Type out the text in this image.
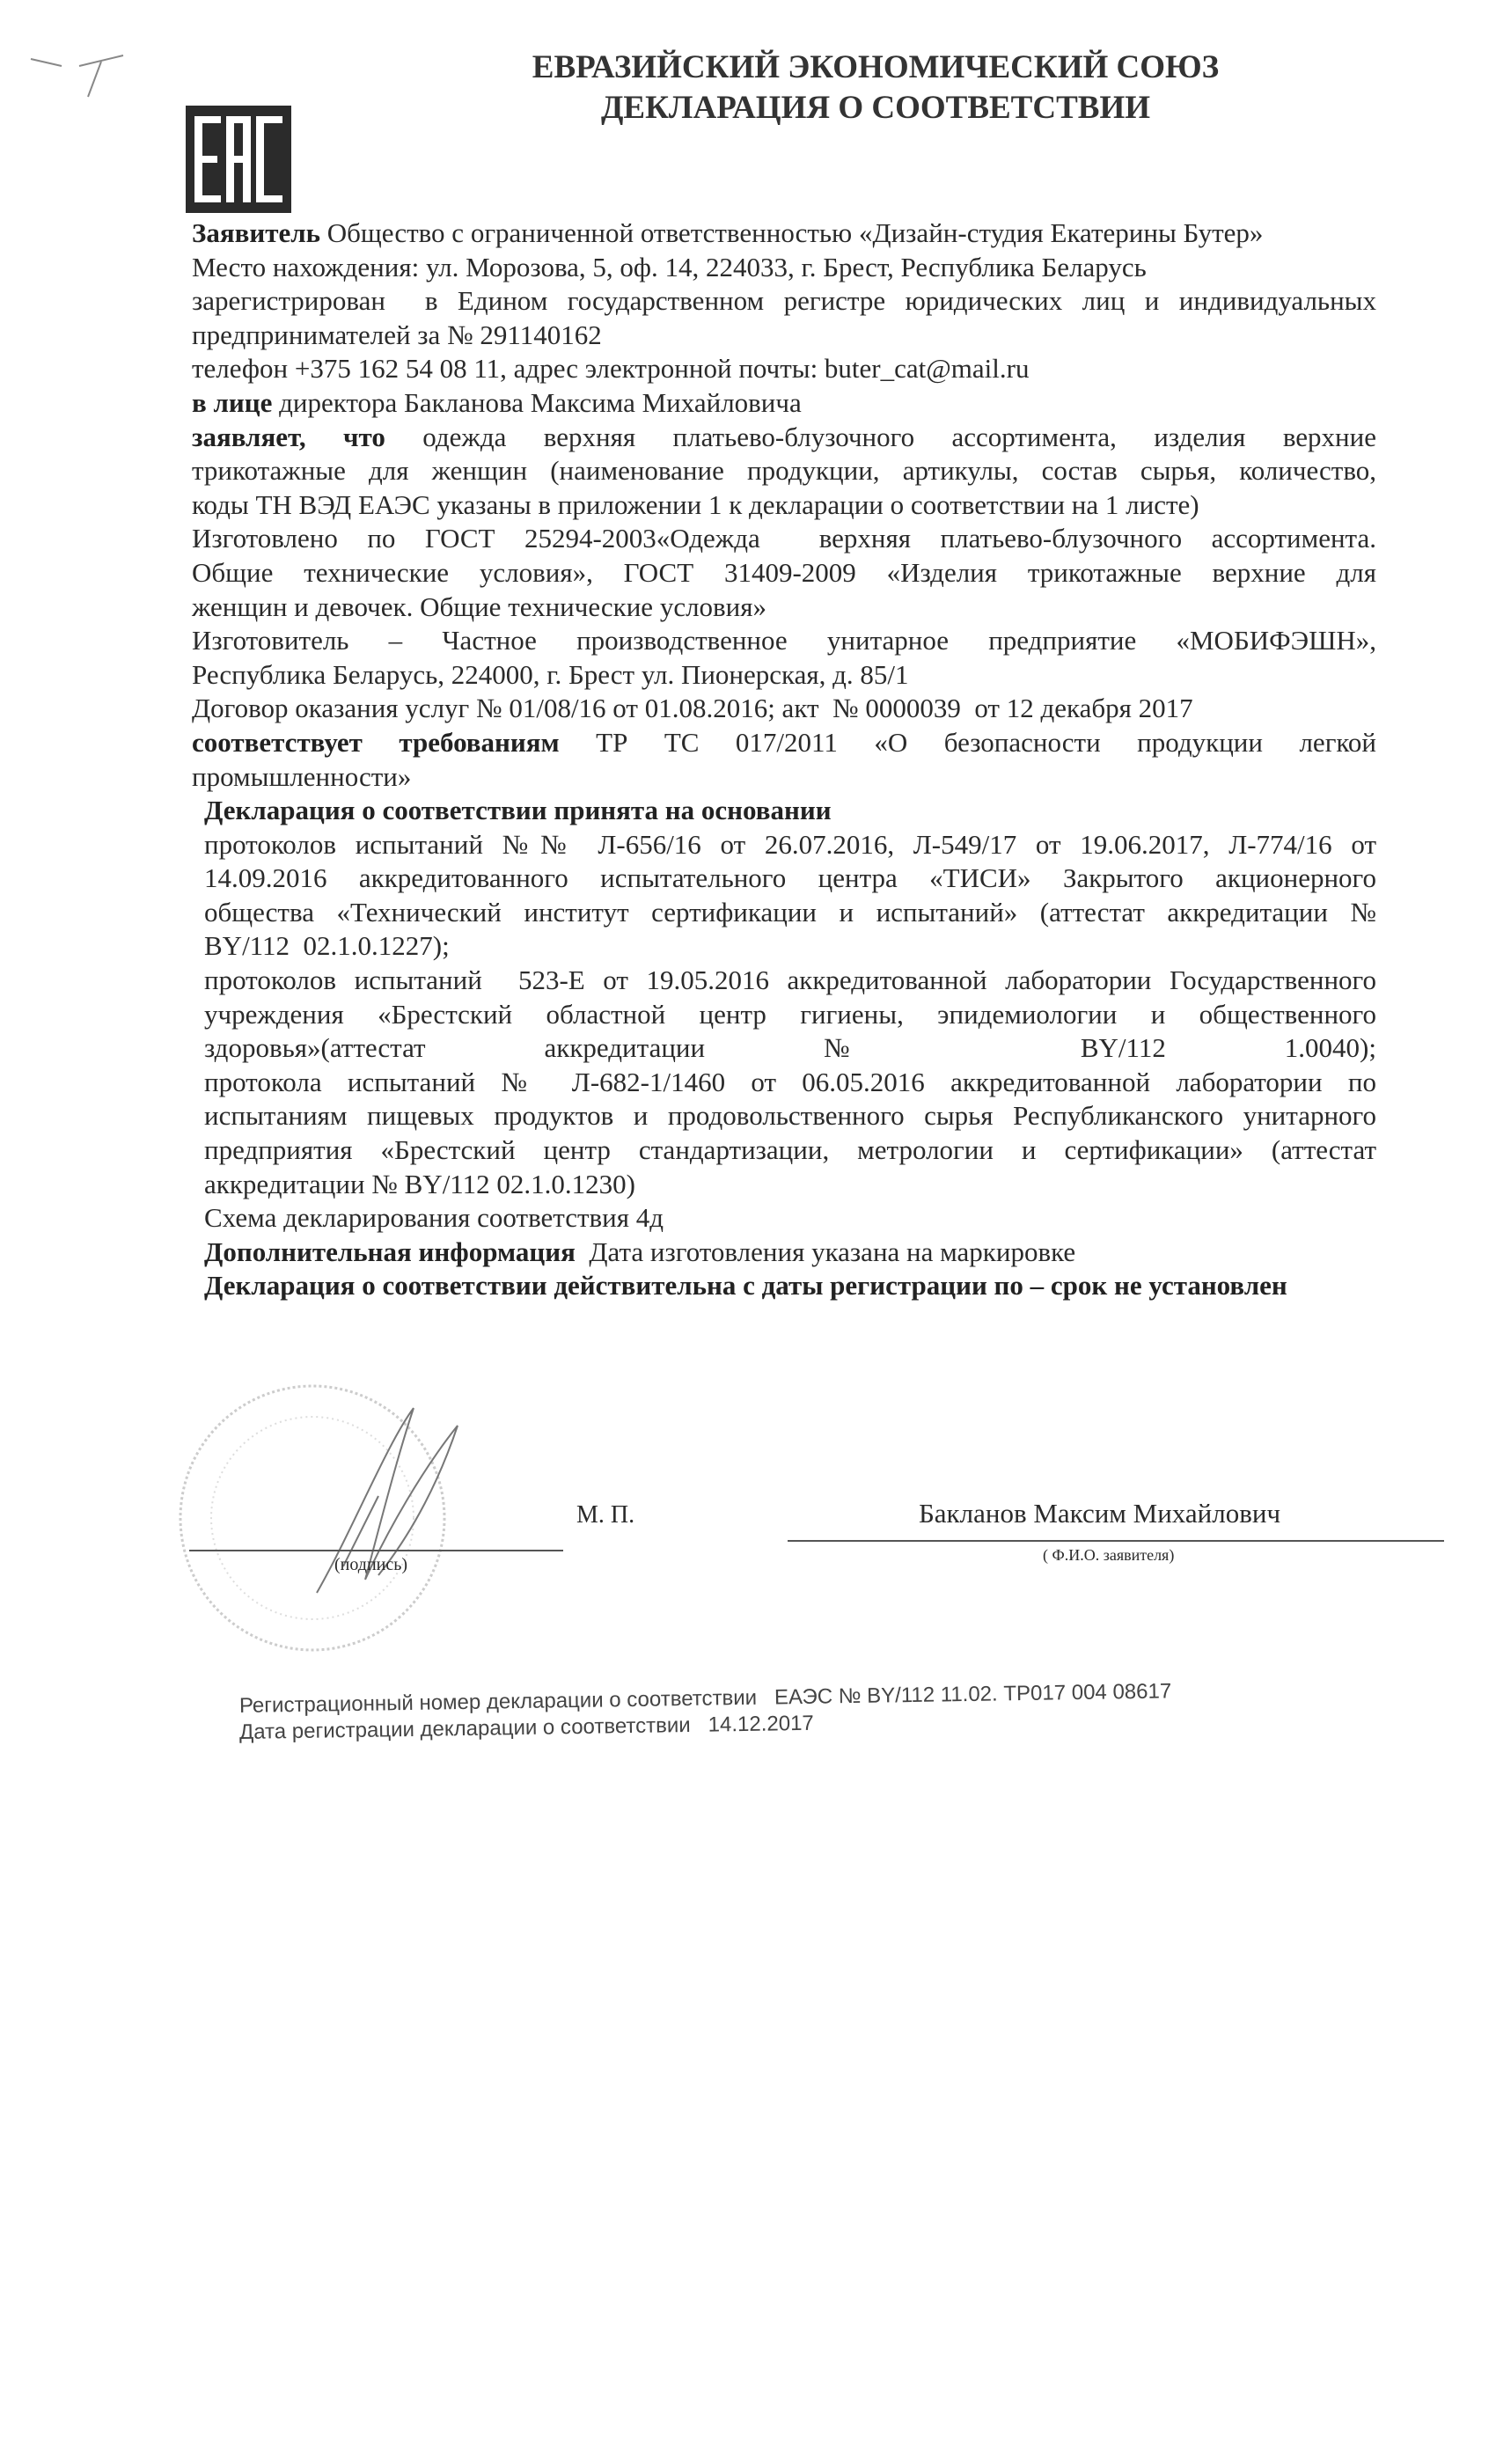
ЕВРАЗИЙСКИЙ ЭКОНОМИЧЕСКИЙ СОЮЗ
ДЕКЛАРАЦИЯ О СООТВЕТСТВИИ
Заявитель Общество с ограниченной ответственностью «Дизайн-студия Екатерины Бутер»
Место нахождения: ул. Морозова, 5, оф. 14, 224033, г. Брест, Республика Беларусь
зарегистрирован  в Едином государственном регистре юридических лиц и индивидуальных
предпринимателей за № 291140162
телефон +375 162 54 08 11, адрес электронной почты: buter_cat@mail.ru
в лице директора Бакланова Максима Михайловича
заявляет, что одежда верхняя платьево-блузочного ассортимента, изделия верхние
трикотажные для женщин (наименование продукции, артикулы, состав сырья, количество,
коды ТН ВЭД ЕАЭС указаны в приложении 1 к декларации о соответствии на 1 листе)
Изготовлено по ГОСТ 25294-2003«Одежда  верхняя платьево-блузочного ассортимента.
Общие технические условия», ГОСТ 31409-2009 «Изделия трикотажные верхние для
женщин и девочек. Общие технические условия»
Изготовитель – Частное производственное унитарное предприятие «МОБИФЭШН»,
Республика Беларусь, 224000, г. Брест ул. Пионерская, д. 85/1
Договор оказания услуг № 01/08/16 от 01.08.2016; акт  № 0000039  от 12 декабря 2017
соответствует требованиям ТР ТС 017/2011 «О безопасности продукции легкой
промышленности»
Декларация о соответствии принята на основании
протоколов испытаний №№ Л-656/16 от 26.07.2016, Л-549/17 от 19.06.2017, Л-774/16 от
14.09.2016 аккредитованного испытательного центра «ТИСИ» Закрытого акционерного
общества «Технический институт сертификации и испытаний» (аттестат аккредитации №
BY/112  02.1.0.1227);
протоколов испытаний  523-Е от 19.05.2016 аккредитованной лаборатории Государственного
учреждения «Брестский областной центр гигиены, эпидемиологии и общественного
здоровья»(аттестат аккредитации № BY/112 1.0040);
протокола испытаний № Л-682-1/1460 от 06.05.2016 аккредитованной лаборатории по
испытаниям пищевых продуктов и продовольственного сырья Республиканского унитарного
предприятия «Брестский центр стандартизации, метрологии и сертификации» (аттестат
аккредитации № BY/112 02.1.0.1230)
Схема декларирования соответствия 4д
Дополнительная информация  Дата изготовления указана на маркировке
Декларация о соответствии действительна с даты регистрации по – срок не установлен
(подпись)
М. П.	Бакланов Максим Михайлович
( Ф.И.О. заявителя)
Регистрационный номер декларации о соответствии ЕАЭС № BY/112 11.02. ТР017 004 08617
Дата регистрации декларации о соответствии 14.12.2017
